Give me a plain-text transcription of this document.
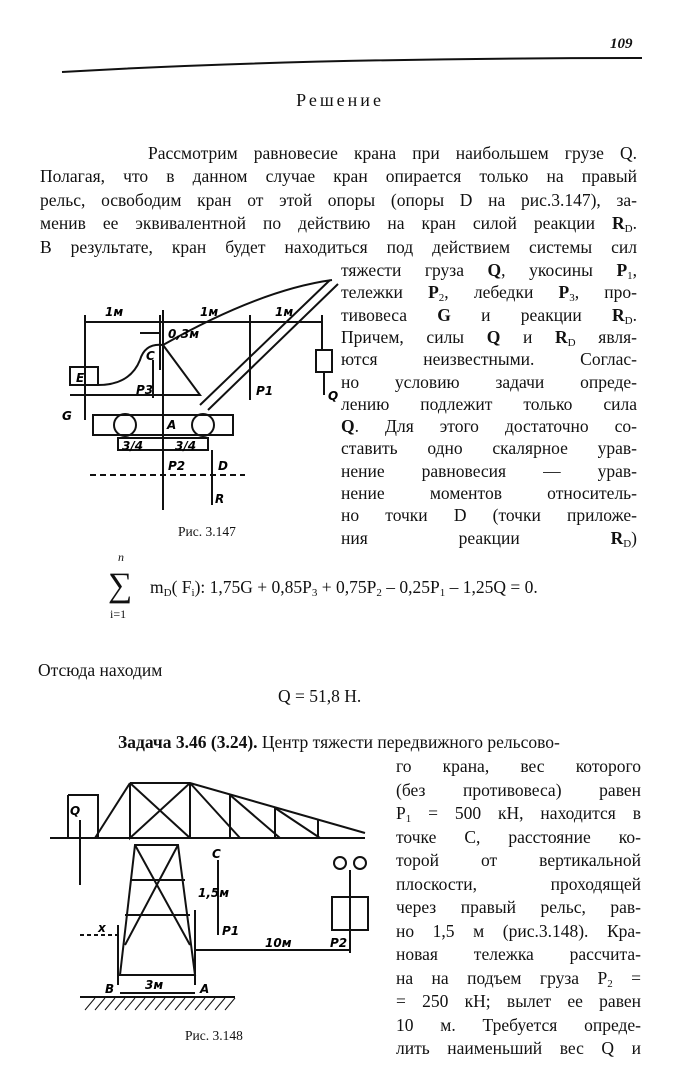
109
Решение
Рассмотрим равновесие крана при наибольшем грузе Q.
Полагая, что в данном случае кран опирается только на правый
рельс, освободим кран от этой опоры (опоры D на рис.3.147), за-
менив ее эквивалентной по действию на кран силой реакции $R_D$.
В результате, кран будет находиться под действием системы сил
тяжести груза Q, укосины $P_1$,
тележки $P_2$, лебедки $P_3$, про-
тивовеса G и реакции $R_D$.
Причем, силы Q и $R_D$ явля-
ются неизвестными. Соглас-
но условию задачи опреде-
лению подлежит только сила
Q. Для этого достаточно со-
ставить одно скалярное урав-
нение равновесия — урав-
нение моментов относитель-
но точки D (точки приложе-
ния реакции $R_D$)
1м	1м	1м
0,3м
E
C
P3	P1
G
A
3/4	3/4
P2	D
R
Q
Рис. 3.147
n
∑
i=1
$m_D$( $F_i$): $1,75G + 0,85P_3 + 0,75P_2 - 0,25P_1 - 1,25Q = 0$.
Отсюда находим
Q = 51,8 Н.
Задача 3.46 (3.24). Центр тяжести передвижного рельсово-
го крана, вес которого
(без противовеса) равен
$P_1 = 500$ кН, находится в
точке С, расстояние ко-
торой от вертикальной
плоскости, проходящей
через правый рельс, рав-
но 1,5 м (рис.3.148). Кра-
новая тележка рассчита-
на на подъем груза $P_2$ =
= 250 кН; вылет ее равен
10 м. Требуется опреде-
лить наименьший вес Q и
Q
C
1,5м
P1
x
10м	P2
3м
B	A
Рис. 3.148
